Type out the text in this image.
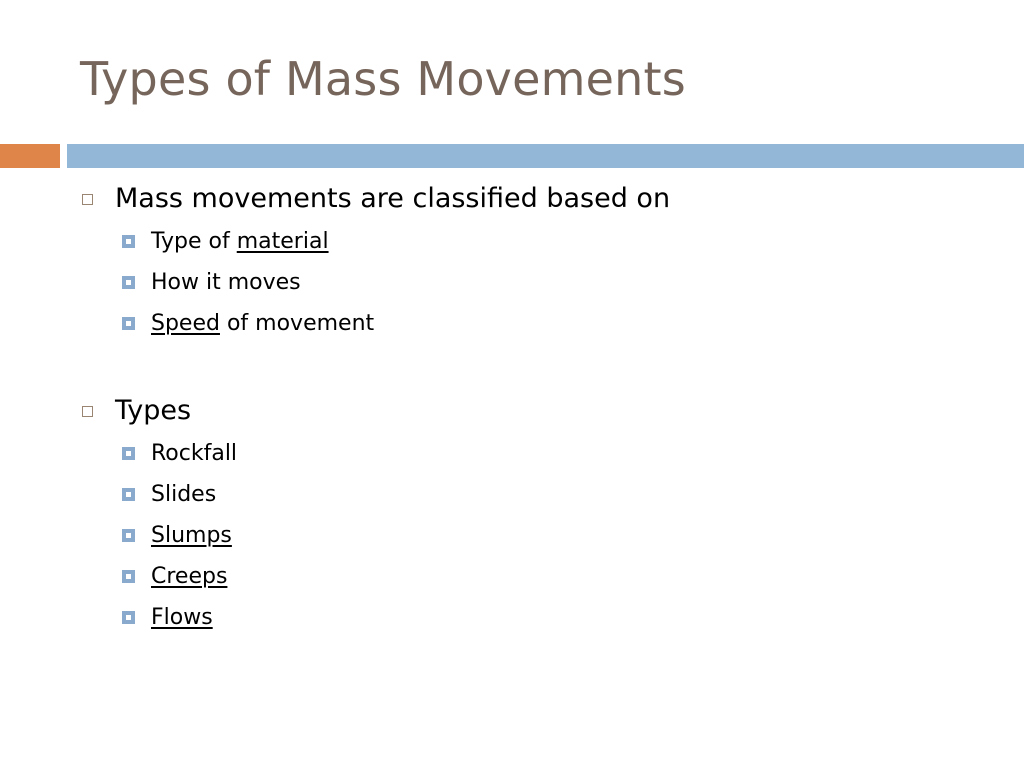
Types of Mass Movements
Mass movements are classified based on
Type of material
How it moves
Speed of movement
Types
Rockfall
Slides
Slumps
Creeps
Flows
